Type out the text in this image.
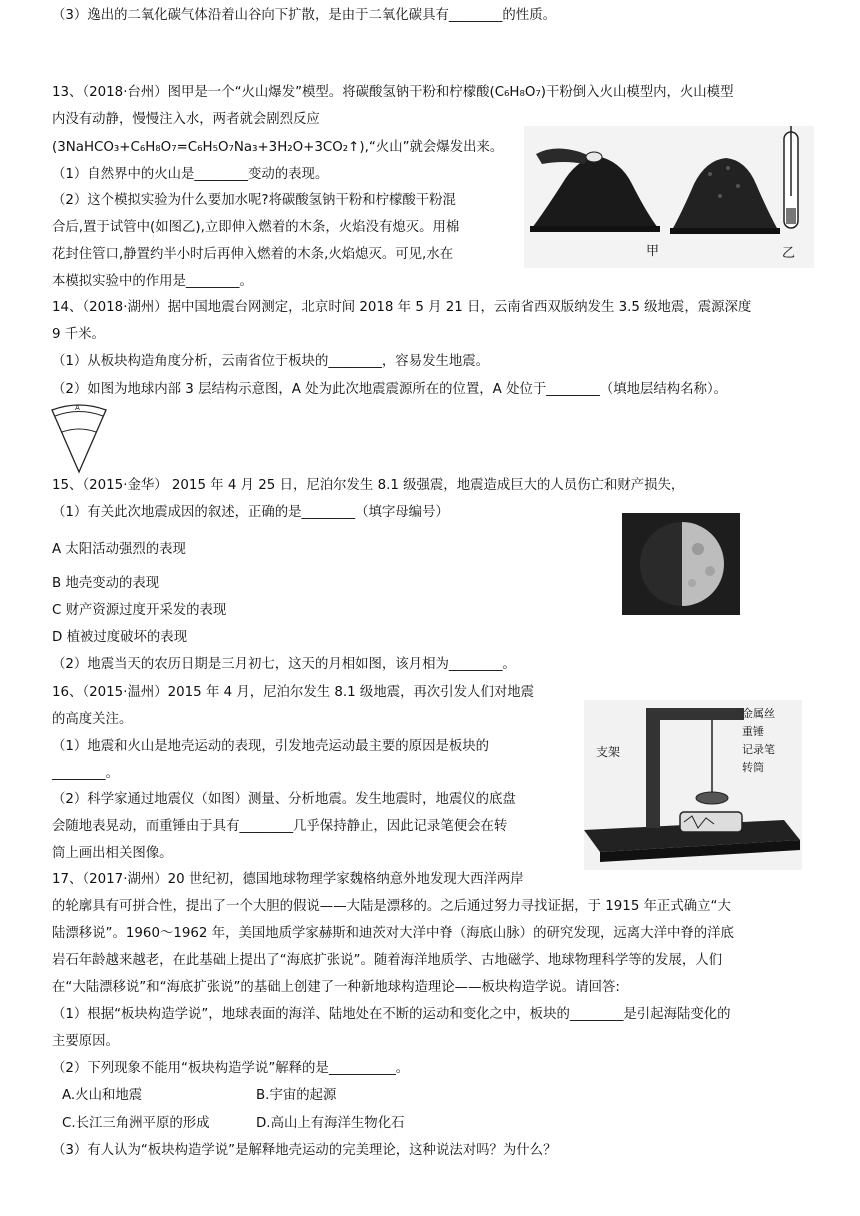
（3）逸出的二氧化碳气体沿着山谷向下扩散，是由于二氧化碳具有________的性质。
13、（2018·台州）图甲是一个“火山爆发”模型。将碳酸氢钠干粉和柠檬酸(C₆H₈O₇)干粉倒入火山模型内，火山模型
内没有动静，慢慢注入水，两者就会剧烈反应
(3NaHCO₃+C₆H₈O₇=C₆H₅O₇Na₃+3H₂O+3CO₂↑),“火山”就会爆发出来。
（1）自然界中的火山是________变动的表现。
（2）这个模拟实验为什么要加水呢?将碳酸氢钠干粉和柠檬酸干粉混
合后,置于试管中(如图乙),立即伸入燃着的木条，火焰没有熄灭。用棉
花封住管口,静置约半小时后再伸入燃着的木条,火焰熄灭。可见,水在
本模拟实验中的作用是________。
14、（2018·湖州）据中国地震台网测定，北京时间 2018 年 5 月 21 日，云南省西双版纳发生 3.5 级地震，震源深度
9 千米。
（1）从板块构造角度分析，云南省位于板块的________，容易发生地震。
（2）如图为地球内部 3 层结构示意图，A 处为此次地震震源所在的位置，A 处位于________（填地层结构名称）。
15、（2015·金华） 2015 年 4 月 25 日，尼泊尔发生 8.1 级强震，地震造成巨大的人员伤亡和财产损失，
（1）有关此次地震成因的叙述，正确的是________（填字母编号）
A 太阳活动强烈的表现
B 地壳变动的表现
C 财产资源过度开采发的表现
D 植被过度破坏的表现
（2）地震当天的农历日期是三月初七，这天的月相如图，该月相为________。
16、（2015·温州）2015 年 4 月，尼泊尔发生 8.1 级地震，再次引发人们对地震
的高度关注。
（1）地震和火山是地壳运动的表现，引发地壳运动最主要的原因是板块的
________。
（2）科学家通过地震仪（如图）测量、分析地震。发生地震时，地震仪的底盘
会随地表晃动，而重锤由于具有________几乎保持静止，因此记录笔便会在转
筒上画出相关图像。
17、（2017·湖州）20 世纪初，德国地球物理学家魏格纳意外地发现大西洋两岸
的轮廓具有可拼合性，提出了一个大胆的假说——大陆是漂移的。之后通过努力寻找证据，于 1915 年正式确立“大
陆漂移说”。1960～1962 年，美国地质学家赫斯和迪茨对大洋中脊（海底山脉）的研究发现，远离大洋中脊的洋底
岩石年龄越来越老，在此基础上提出了“海底扩张说”。随着海洋地质学、古地磁学、地球物理科学等的发展，人们
在“大陆漂移说”和“海底扩张说”的基础上创建了一种新地球构造理论——板块构造学说。请回答:
（1）根据“板块构造学说”，地球表面的海洋、陆地处在不断的运动和变化之中，板块的________是引起海陆变化的
主要原因。
（2）下列现象不能用“板块构造学说”解释的是__________。
A.火山和地震	B.宇宙的起源
C.长江三角洲平原的形成	D.高山上有海洋生物化石
（3）有人认为“板块构造学说”是解释地壳运动的完美理论，这种说法对吗？为什么？
甲	乙
A
支架
金属丝
重锤
记录笔
转筒
